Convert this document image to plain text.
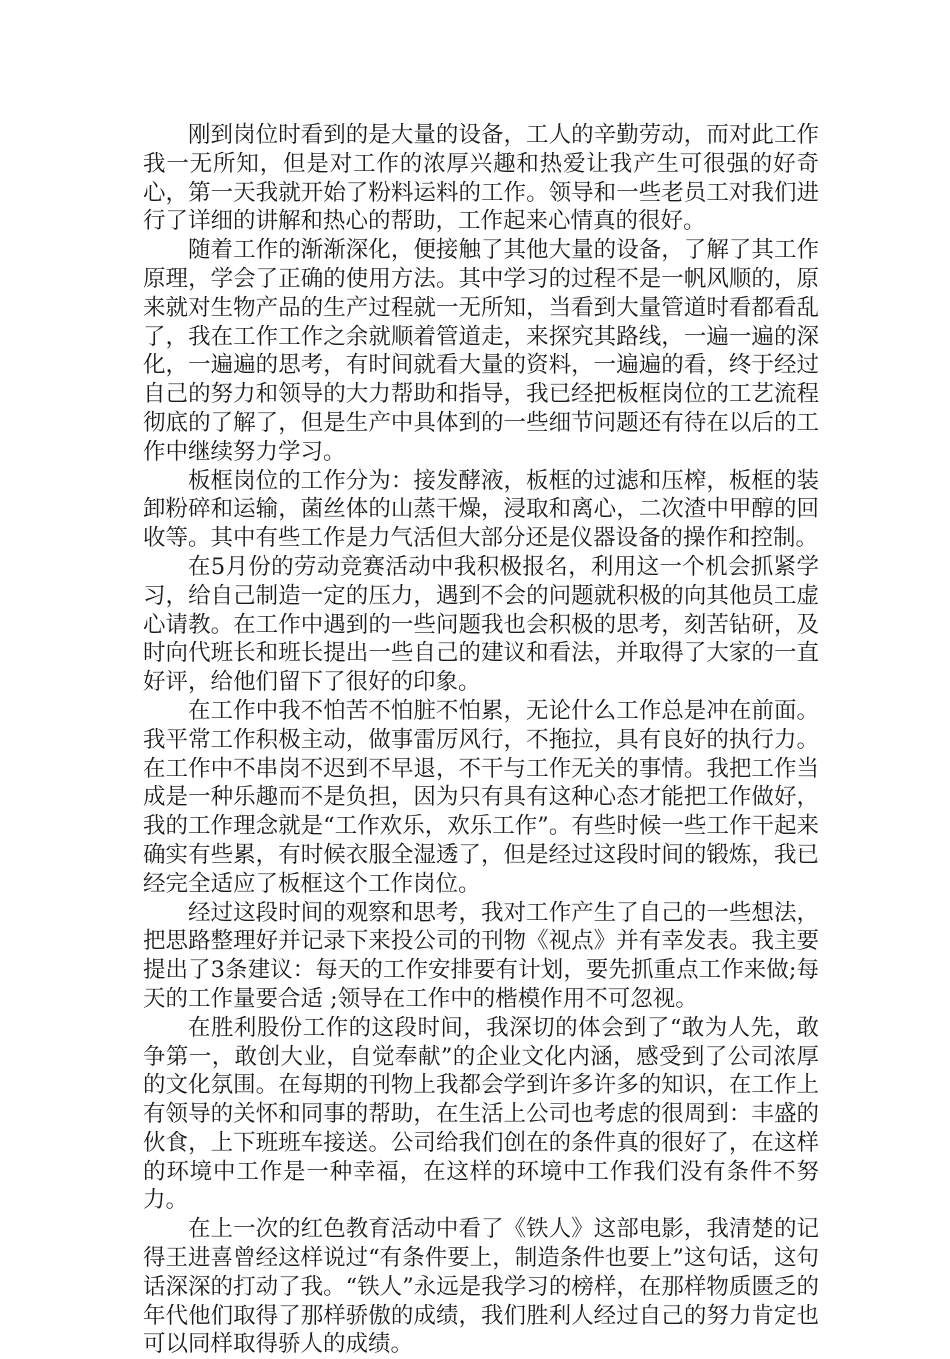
刚到岗位时看到的是大量的设备，工人的辛勤劳动，而对此工作我一无所知，但是对工作的浓厚兴趣和热爱让我产生可很强的好奇心，第一天我就开始了粉料运料的工作。领导和一些老员工对我们进行了详细的讲解和热心的帮助，工作起来心情真的很好。

随着工作的渐渐深化，便接触了其他大量的设备，了解了其工作原理，学会了正确的使用方法。其中学习的过程不是一帆风顺的，原来就对生物产品的生产过程就一无所知，当看到大量管道时看都看乱了，我在工作工作之余就顺着管道走，来探究其路线，一遍一遍的深化，一遍遍的思考，有时间就看大量的资料，一遍遍的看，终于经过自己的努力和领导的大力帮助和指导，我已经把板框岗位的工艺流程彻底的了解了，但是生产中具体到的一些细节问题还有待在以后的工作中继续努力学习。

板框岗位的工作分为：接发酵液，板框的过滤和压榨，板框的装卸粉碎和运输，菌丝体的山蒸干燥，浸取和离心，二次渣中甲醇的回收等。其中有些工作是力气活但大部分还是仪器设备的操作和控制。

在5月份的劳动竞赛活动中我积极报名，利用这一个机会抓紧学习，给自己制造一定的压力，遇到不会的问题就积极的向其他员工虚心请教。在工作中遇到的一些问题我也会积极的思考，刻苦钻研，及时向代班长和班长提出一些自己的建议和看法，并取得了大家的一直好评，给他们留下了很好的印象。

在工作中我不怕苦不怕脏不怕累，无论什么工作总是冲在前面。我平常工作积极主动，做事雷厉风行，不拖拉，具有良好的执行力。在工作中不串岗不迟到不早退，不干与工作无关的事情。我把工作当成是一种乐趣而不是负担，因为只有具有这种心态才能把工作做好，我的工作理念就是“工作欢乐，欢乐工作”。有些时候一些工作干起来确实有些累，有时候衣服全湿透了，但是经过这段时间的锻炼，我已经完全适应了板框这个工作岗位。

经过这段时间的观察和思考，我对工作产生了自己的一些想法，把思路整理好并记录下来投公司的刊物《视点》并有幸发表。我主要提出了3条建议：每天的工作安排要有计划，要先抓重点工作来做;每天的工作量要合适 ;领导在工作中的楷模作用不可忽视。

在胜利股份工作的这段时间，我深切的体会到了“敢为人先，敢争第一，敢创大业，自觉奉献”的企业文化内涵，感受到了公司浓厚的文化氛围。在每期的刊物上我都会学到许多许多的知识，在工作上有领导的关怀和同事的帮助，在生活上公司也考虑的很周到：丰盛的伙食，上下班班车接送。公司给我们创在的条件真的很好了，在这样的环境中工作是一种幸福，在这样的环境中工作我们没有条件不努力。

在上一次的红色教育活动中看了《铁人》这部电影，我清楚的记得王进喜曾经这样说过“有条件要上，制造条件也要上”这句话，这句话深深的打动了我。“铁人”永远是我学习的榜样，在那样物质匮乏的年代他们取得了那样骄傲的成绩，我们胜利人经过自己的努力肯定也可以同样取得骄人的成绩。
